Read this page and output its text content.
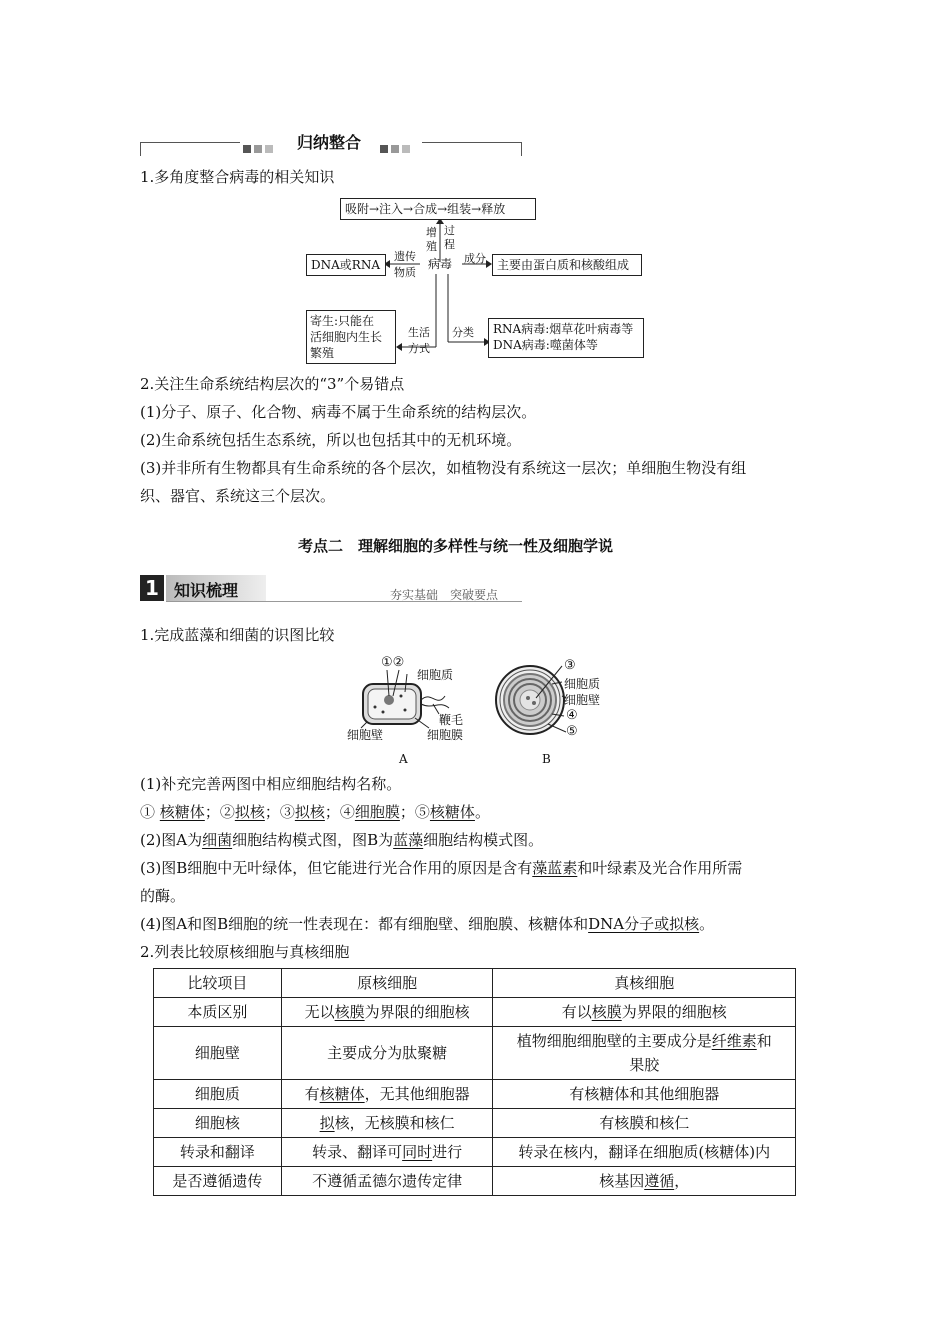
归纳整合
1.多角度整合病毒的相关知识
吸附→注入→合成→组装→释放
增
殖
过
程
病毒
DNA或RNA
遗传
物质
成分 主要由蛋白质和核酸组成
寄生:只能在
活细胞内生长
繁殖
生活
方式
分类 RNA病毒:烟草花叶病毒等
DNA病毒:噬菌体等
2.关注生命系统结构层次的“3”个易错点
(1)分子、原子、化合物、病毒不属于生命系统的结构层次。
(2)生命系统包括生态系统，所以也包括其中的无机环境。
(3)并非所有生物都具有生命系统的各个层次，如植物没有系统这一层次；单细胞生物没有组
织、器官、系统这三个层次。
考点二　理解细胞的多样性与统一性及细胞学说
1 知识梳理	夯实基础　突破要点
1.完成蓝藻和细菌的识图比较
①②
细胞质
鞭毛
细胞膜
细胞壁
A
③
细胞质
细胞壁
④
⑤
B
(1)补充完善两图中相应细胞结构名称。
① 核糖体；②拟核；③拟核；④细胞膜；⑤核糖体。
(2)图A为细菌细胞结构模式图，图B为蓝藻细胞结构模式图。
(3)图B细胞中无叶绿体，但它能进行光合作用的原因是含有藻蓝素和叶绿素及光合作用所需
的酶。
(4)图A和图B细胞的统一性表现在：都有细胞壁、细胞膜、核糖体和DNA分子或拟核。
2.列表比较原核细胞与真核细胞
比较项目	原核细胞	真核细胞
本质区别	无以核膜为界限的细胞核	有以核膜为界限的细胞核
细胞壁	主要成分为肽聚糖	植物细胞细胞壁的主要成分是纤维素和
果胶
细胞质	有核糖体，无其他细胞器	有核糖体和其他细胞器
细胞核	拟核，无核膜和核仁	有核膜和核仁
转录和翻译	转录、翻译可同时进行	转录在核内，翻译在细胞质(核糖体)内
是否遵循遗传	不遵循孟德尔遗传定律	核基因遵循，
